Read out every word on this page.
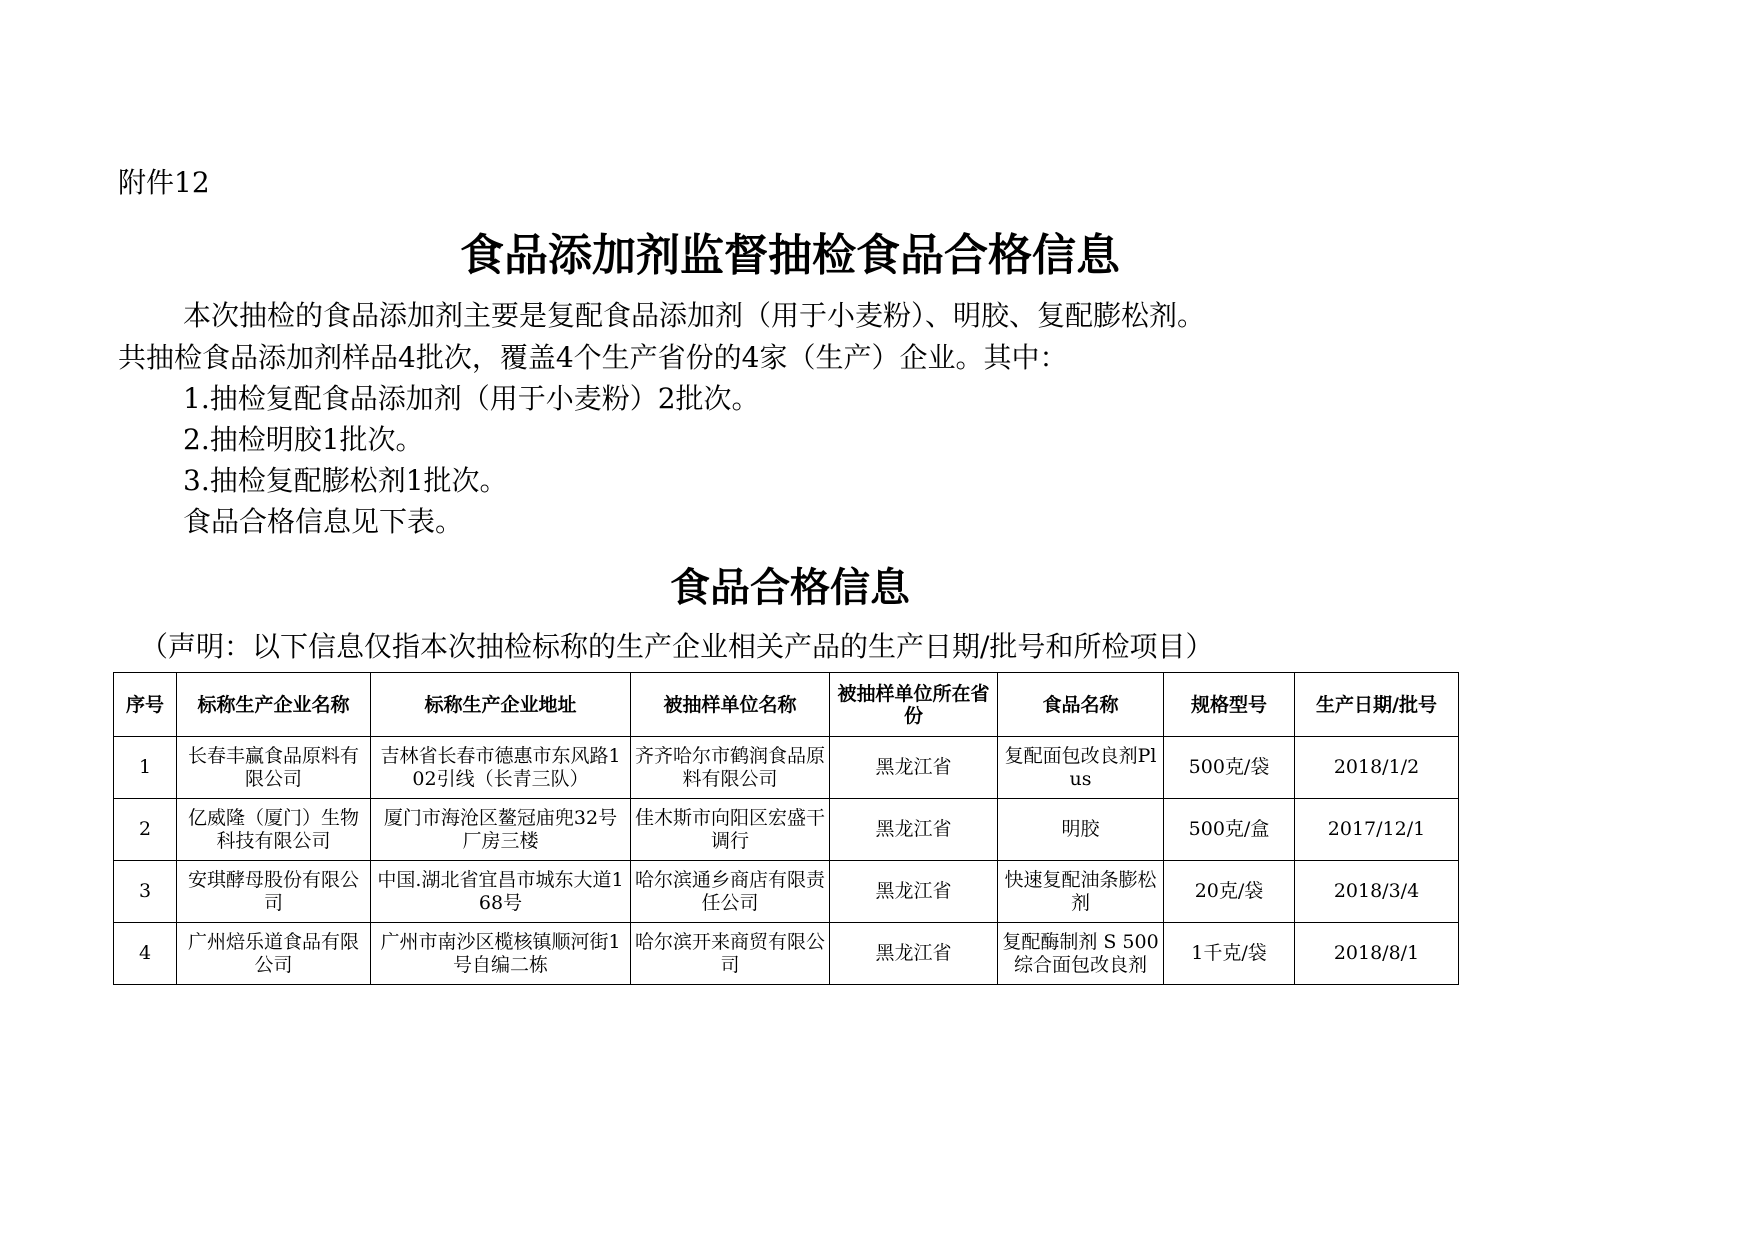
附件12
食品添加剂监督抽检食品合格信息
本次抽检的食品添加剂主要是复配食品添加剂（用于小麦粉）、明胶、复配膨松剂。
共抽检食品添加剂样品4批次，覆盖4个生产省份的4家（生产）企业。其中：
1.抽检复配食品添加剂（用于小麦粉）2批次。
2.抽检明胶1批次。
3.抽检复配膨松剂1批次。
食品合格信息见下表。
食品合格信息
（声明：以下信息仅指本次抽检标称的生产企业相关产品的生产日期/批号和所检项目）
序号	标称生产企业名称	标称生产企业地址	被抽样单位名称	被抽样单位所在省份	食品名称	规格型号	生产日期/批号
1	长春丰赢食品原料有限公司	吉林省长春市德惠市东风路102引线（长青三队）	齐齐哈尔市鹤润食品原料有限公司	黑龙江省	复配面包改良剂Plus	500克/袋	2018/1/2
2	亿威隆（厦门）生物科技有限公司	厦门市海沧区鳌冠庙兜32号厂房三楼	佳木斯市向阳区宏盛干调行	黑龙江省	明胶	500克/盒	2017/12/1
3	安琪酵母股份有限公司	中国.湖北省宜昌市城东大道168号	哈尔滨通乡商店有限责任公司	黑龙江省	快速复配油条膨松剂	20克/袋	2018/3/4
4	广州焙乐道食品有限公司	广州市南沙区榄核镇顺河街1号自编二栋	哈尔滨开来商贸有限公司	黑龙江省	复配酶制剂 S 500 综合面包改良剂	1千克/袋	2018/8/1
